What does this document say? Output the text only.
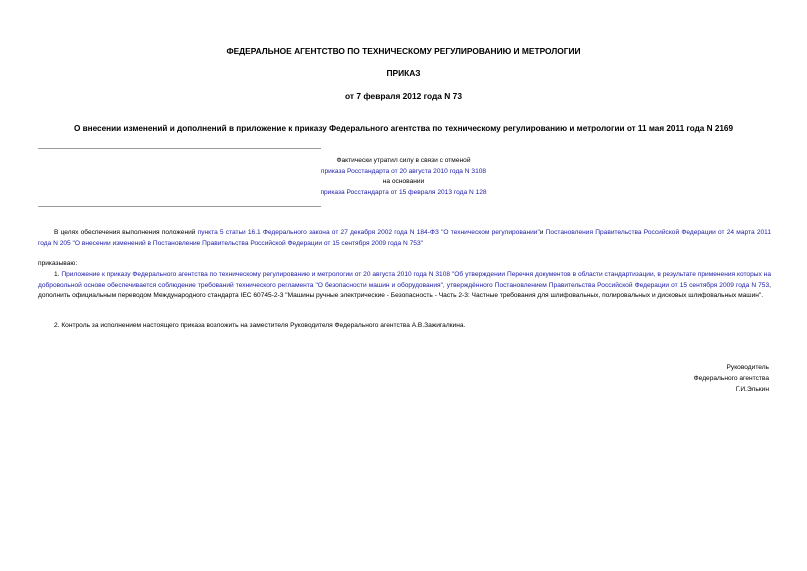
ФЕДЕРАЛЬНОЕ АГЕНТСТВО ПО ТЕХНИЧЕСКОМУ РЕГУЛИРОВАНИЮ И МЕТРОЛОГИИ
ПРИКАЗ
от 7 февраля 2012 года N 73
О внесении изменений и дополнений в приложение к приказу Федерального агентства по техническому регулированию и метрологии от 11 мая 2011 года N 2169
Фактически утратил силу в связи с отменой
приказа Росстандарта от 20 августа 2010 года N 3108
на основании
приказа Росстандарта от 15 февраля 2013 года N 128
В целях обеспечения выполнения положений пункта 5 статьи 16.1 Федерального закона от 27 декабря 2002 года N 184-ФЗ "О техническом регулировании"и Постановления Правительства Российской Федерации от 24 марта 2011 года N 205 "О внесении изменений в Постановление Правительства Российской Федерации от 15 сентября 2009 года N 753"
приказываю:
1. Приложение к приказу Федерального агентства по техническому регулированию и метрологии от 20 августа 2010 года N 3108 "Об утверждении Перечня документов в области стандартизации, в результате применения которых на добровольной основе обеспечивается соблюдение требований технического регламента "О безопасности машин и оборудования", утверждённого Постановлением Правительства Российской Федерации от 15 сентября 2009 года N 753, дополнить официальным переводом Международного стандарта IEC 60745-2-3 "Машины ручные электрические - Безопасность - Часть 2-3: Частные требования для шлифовальных, полировальных и дисковых шлифовальных машин".
2. Контроль за исполнением настоящего приказа возложить на заместителя Руководителя Федерального агентства А.В.Зажигалкина.
Руководитель
Федерального агентства
Г.И.Элькин
